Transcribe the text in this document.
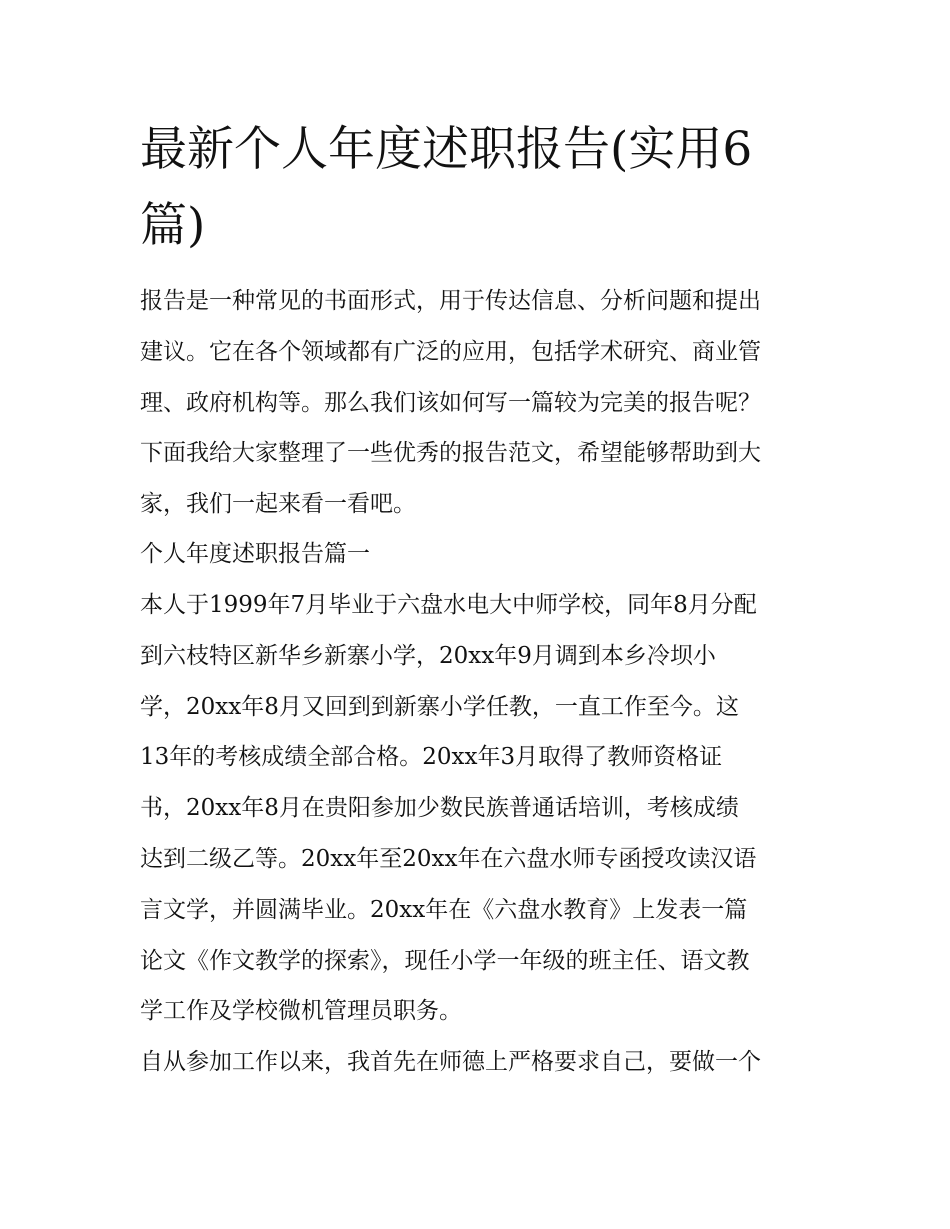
最新个人年度述职报告(实用6
篇)

报告是一种常见的书面形式，用于传达信息、分析问题和提出

建议。它在各个领域都有广泛的应用，包括学术研究、商业管

理、政府机构等。那么我们该如何写一篇较为完美的报告呢？

下面我给大家整理了一些优秀的报告范文，希望能够帮助到大

家，我们一起来看一看吧。

个人年度述职报告篇一

本人于1999年7月毕业于六盘水电大中师学校，同年8月分配

到六枝特区新华乡新寨小学，20xx年9月调到本乡冷坝小

学，20xx年8月又回到到新寨小学任教，一直工作至今。这

13年的考核成绩全部合格。20xx年3月取得了教师资格证

书，20xx年8月在贵阳参加少数民族普通话培训，考核成绩

达到二级乙等。20xx年至20xx年在六盘水师专函授攻读汉语

言文学，并圆满毕业。20xx年在《六盘水教育》上发表一篇

论文《作文教学的探索》，现任小学一年级的班主任、语文教

学工作及学校微机管理员职务。

自从参加工作以来，我首先在师德上严格要求自己，要做一个
